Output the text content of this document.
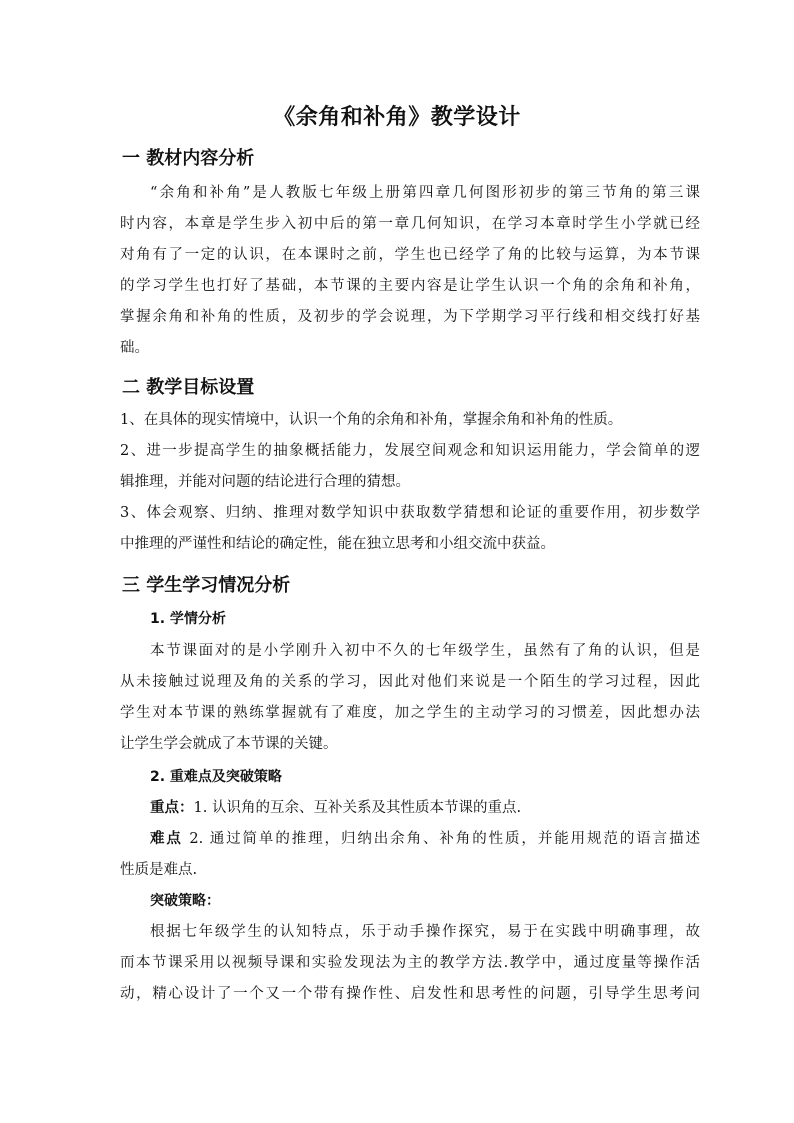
《余角和补角》教学设计
一 教材内容分析
“余角和补角”是人教版七年级上册第四章几何图形初步的第三节角的第三课
时内容，本章是学生步入初中后的第一章几何知识，在学习本章时学生小学就已经
对角有了一定的认识，在本课时之前，学生也已经学了角的比较与运算，为本节课
的学习学生也打好了基础，本节课的主要内容是让学生认识一个角的余角和补角，
掌握余角和补角的性质，及初步的学会说理，为下学期学习平行线和相交线打好基
础。
二 教学目标设置
1、在具体的现实情境中，认识一个角的余角和补角，掌握余角和补角的性质。
2、进一步提高学生的抽象概括能力，发展空间观念和知识运用能力，学会简单的逻
辑推理，并能对问题的结论进行合理的猜想。
3、体会观察、归纳、推理对数学知识中获取数学猜想和论证的重要作用，初步数学
中推理的严谨性和结论的确定性，能在独立思考和小组交流中获益。
三 学生学习情况分析
1. 学情分析
本节课面对的是小学刚升入初中不久的七年级学生，虽然有了角的认识，但是
从未接触过说理及角的关系的学习，因此对他们来说是一个陌生的学习过程，因此
学生对本节课的熟练掌握就有了难度，加之学生的主动学习的习惯差，因此想办法
让学生学会就成了本节课的关键。
2. 重难点及突破策略
重点：1. 认识角的互余、互补关系及其性质本节课的重点.
难点 2. 通过简单的推理，归纳出余角、补角的性质，并能用规范的语言描述
性质是难点.
突破策略：
根据七年级学生的认知特点，乐于动手操作探究，易于在实践中明确事理，故
而本节课采用以视频导课和实验发现法为主的教学方法.教学中，通过度量等操作活
动，精心设计了一个又一个带有操作性、启发性和思考性的问题，引导学生思考问
